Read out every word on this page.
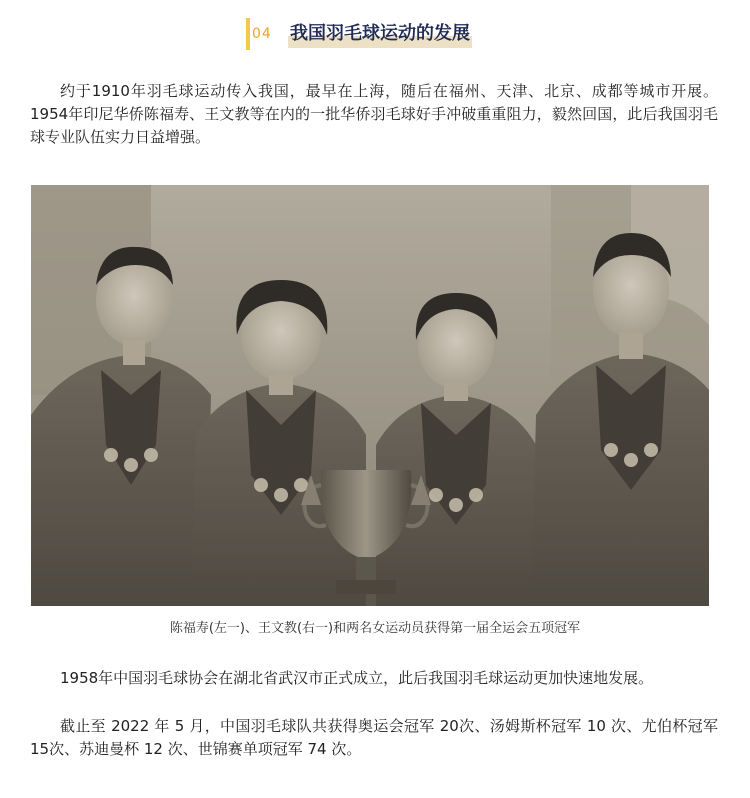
04 我国羽毛球运动的发展

约于1910年羽毛球运动传入我国，最早在上海，随后在福州、天津、北京、成都等城市开展。1954年印尼华侨陈福寿、王文教等在内的一批华侨羽毛球好手冲破重重阻力，毅然回国，此后我国羽毛球专业队伍实力日益增强。

陈福寿(左一)、王文教(右一)和两名女运动员获得第一届全运会五项冠军

1958年中国羽毛球协会在湖北省武汉市正式成立，此后我国羽毛球运动更加快速地发展。

截止至 2022 年 5 月，中国羽毛球队共获得奥运会冠军 20次、汤姆斯杯冠军 10 次、尤伯杯冠军15次、苏迪曼杯 12 次、世锦赛单项冠军 74 次。
